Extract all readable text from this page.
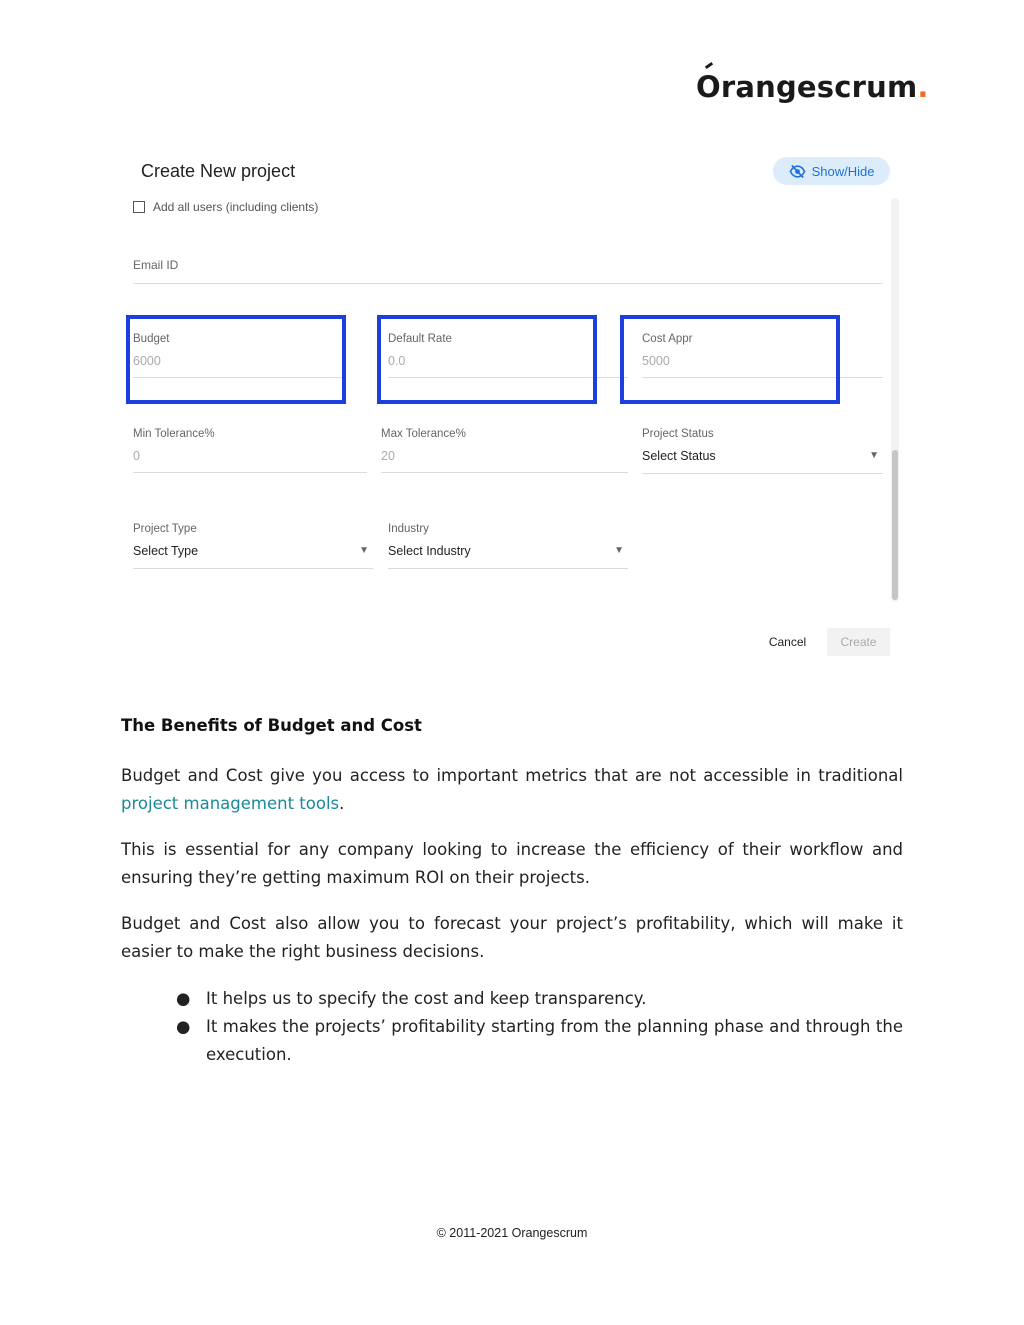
Orangescrum.
Create New project	Show/Hide
Add all users (including clients)
Email ID
Budget
6000
Default Rate
0.0
Cost Appr
5000
Min Tolerance%
0
Max Tolerance%
20
Project Status
Select Status	▼
Project Type
Select Type	▼
Industry
Select Industry	▼
Cancel	Create
The Benefits of Budget and Cost

Budget and Cost give you access to important metrics that are not accessible in traditional project management tools.

This is essential for any company looking to increase the efficiency of their workflow and ensuring they’re getting maximum ROI on their projects.

Budget and Cost also allow you to forecast your project’s profitability, which will make it easier to make the right business decisions.

● It helps us to specify the cost and keep transparency.
● It makes the projects’ profitability starting from the planning phase and through the execution.
© 2011-2021 Orangescrum
